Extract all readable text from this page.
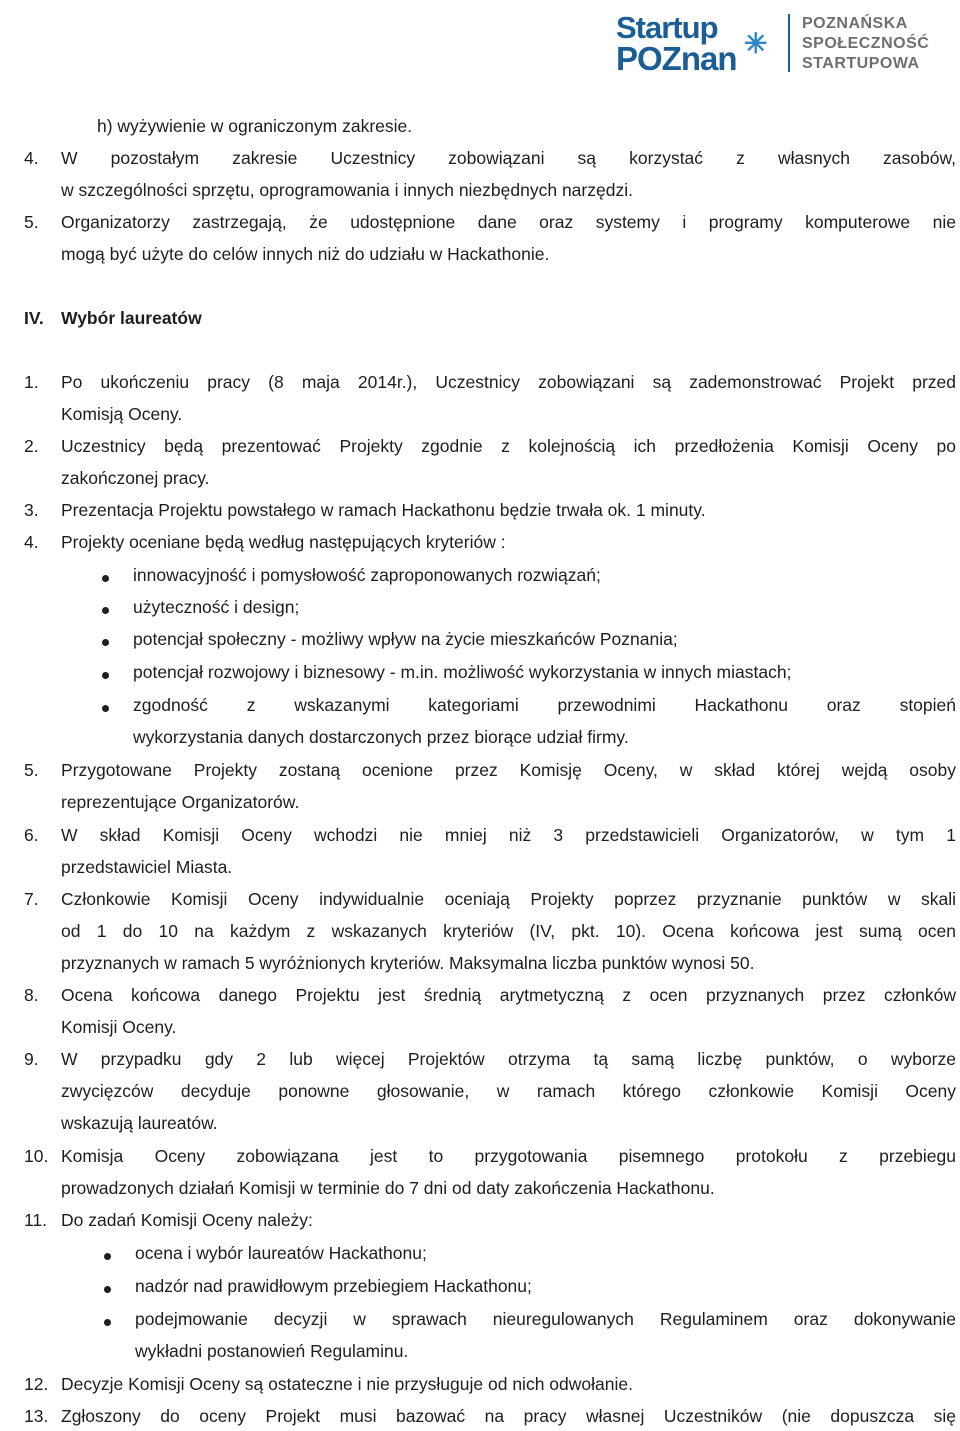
Startup
POZnan ✳
POZNAŃSKA
SPOŁECZNOŚĆ
STARTUPOWA
h) wyżywienie w ograniczonym zakresie.
4. W pozostałym zakresie Uczestnicy zobowiązani są korzystać z własnych zasobów,
w szczególności sprzętu, oprogramowania i innych niezbędnych narzędzi.
5. Organizatorzy zastrzegają, że udostępnione dane oraz systemy i programy komputerowe nie
mogą być użyte do celów innych niż do udziału w Hackathonie.
IV. Wybór laureatów
1. Po ukończeniu pracy (8 maja 2014r.), Uczestnicy zobowiązani są zademonstrować Projekt przed
Komisją Oceny.
2. Uczestnicy będą prezentować Projekty zgodnie z kolejnością ich przedłożenia Komisji Oceny po
zakończonej pracy.
3. Prezentacja Projektu powstałego w ramach Hackathonu będzie trwała ok. 1 minuty.
4. Projekty oceniane będą według następujących kryteriów :
innowacyjność i pomysłowość zaproponowanych rozwiązań;
użyteczność i design;
potencjał społeczny - możliwy wpływ na życie mieszkańców Poznania;
potencjał rozwojowy i biznesowy - m.in. możliwość wykorzystania w innych miastach;
zgodność z wskazanymi kategoriami przewodnimi Hackathonu oraz stopień
wykorzystania danych dostarczonych przez biorące udział firmy.
5. Przygotowane Projekty zostaną ocenione przez Komisję Oceny, w skład której wejdą osoby
reprezentujące Organizatorów.
6. W skład Komisji Oceny wchodzi nie mniej niż 3 przedstawicieli Organizatorów, w tym 1
przedstawiciel Miasta.
7. Członkowie Komisji Oceny indywidualnie oceniają Projekty poprzez przyznanie punktów w skali
od 1 do 10 na każdym z wskazanych kryteriów (IV, pkt. 10). Ocena końcowa jest sumą ocen
przyznanych w ramach 5 wyróżnionych kryteriów. Maksymalna liczba punktów wynosi 50.
8. Ocena końcowa danego Projektu jest średnią arytmetyczną z ocen przyznanych przez członków
Komisji Oceny.
9. W przypadku gdy 2 lub więcej Projektów otrzyma tą samą liczbę punktów, o wyborze
zwycięzców decyduje ponowne głosowanie, w ramach którego członkowie Komisji Oceny
wskazują laureatów.
10. Komisja Oceny zobowiązana jest to przygotowania pisemnego protokołu z przebiegu
prowadzonych działań Komisji w terminie do 7 dni od daty zakończenia Hackathonu.
11. Do zadań Komisji Oceny należy:
ocena i wybór laureatów Hackathonu;
nadzór nad prawidłowym przebiegiem Hackathonu;
podejmowanie decyzji w sprawach nieuregulowanych Regulaminem oraz dokonywanie
wykładni postanowień Regulaminu.
12. Decyzje Komisji Oceny są ostateczne i nie przysługuje od nich odwołanie.
13. Zgłoszony do oceny Projekt musi bazować na pracy własnej Uczestników (nie dopuszcza się
